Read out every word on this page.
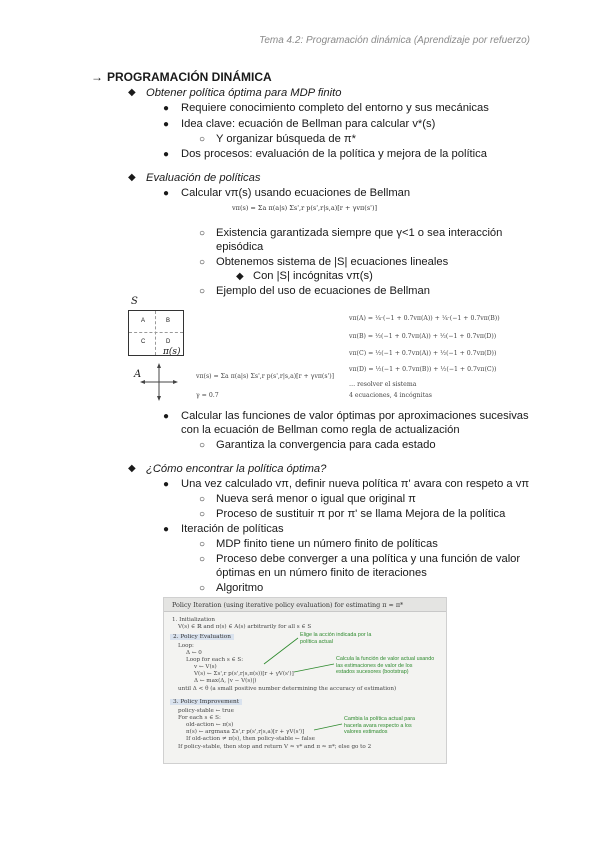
Tema 4.2: Programación dinámica (Aprendizaje por refuerzo)
→ PROGRAMACIÓN DINÁMICA
◆ Obtener política óptima para MDP finito
● Requiere conocimiento completo del entorno y sus mecánicas
● Idea clave: ecuación de Bellman para calcular v*(s)
○ Y organizar búsqueda de π*
● Dos procesos: evaluación de la política y mejora de la política
◆ Evaluación de políticas
● Calcular vπ(s) usando ecuaciones de Bellman
vπ(s) = Σa π(a|s) Σs',r p(s',r|s,a)[r + γvπ(s')]
○ Existencia garantizada siempre que γ<1 o sea interacción
episódica
○ Obtenemos sistema de |S| ecuaciones lineales
◆ Con |S| incógnitas vπ(s)
○ Ejemplo del uso de ecuaciones de Bellman
S
A	B
C	D
π(s)
A	vπ(s) = Σa π(a|s) Σs',r p(s',r|s,a)[r + γvπ(s')]
γ = 0.7
vπ(A) = ¼·(−1 + 0.7vπ(A)) + ¼·(−1 + 0.7vπ(B))
vπ(B) = ½(−1 + 0.7vπ(A)) + ½(−1 + 0.7vπ(D))
vπ(C) = ½(−1 + 0.7vπ(A)) + ½(−1 + 0.7vπ(D))
vπ(D) = ½(−1 + 0.7vπ(B)) + ½(−1 + 0.7vπ(C))
… resolver el sistema
4 ecuaciones, 4 incógnitas
● Calcular las funciones de valor óptimas por aproximaciones sucesivas
con la ecuación de Bellman como regla de actualización
○ Garantiza la convergencia para cada estado
◆ ¿Cómo encontrar la política óptima?
● Una vez calculado vπ, definir nueva política π' avara con respeto a vπ
○ Nueva será menor o igual que original π
○ Proceso de sustituir π por π' se llama Mejora de la política
● Iteración de políticas
○ MDP finito tiene un número finito de políticas
○ Proceso debe converger a una política y una función de valor
óptimas en un número finito de iteraciones
○ Algoritmo
Policy Iteration (using iterative policy evaluation) for estimating π ≈ π*
1. Initialization
V(s) ∈ ℝ and π(s) ∈ A(s) arbitrarily for all s ∈ S
2. Policy Evaluation
Loop:
Δ ← 0
Loop for each s ∈ S:
v ← V(s)
V(s) ← Σs',r p(s',r|s,π(s))[r + γV(s')]
Δ ← max(Δ, |v − V(s)|)
until Δ < θ (a small positive number determining the accuracy of estimation)
3. Policy Improvement
policy-stable ← true
For each s ∈ S:
old-action ← π(s)
π(s) ← argmaxa Σs',r p(s',r|s,a)[r + γV(s')]
If old-action ≠ π(s), then policy-stable ← false
If policy-stable, then stop and return V ≈ v* and π ≈ π*; else go to 2
Elige la acción indicada por la
política actual
Calcula la función de valor actual usando
las estimaciones de valor de los
estados sucesores (bootstrap)
Cambia la política actual para
hacerla avara respecto a los
valores estimados
